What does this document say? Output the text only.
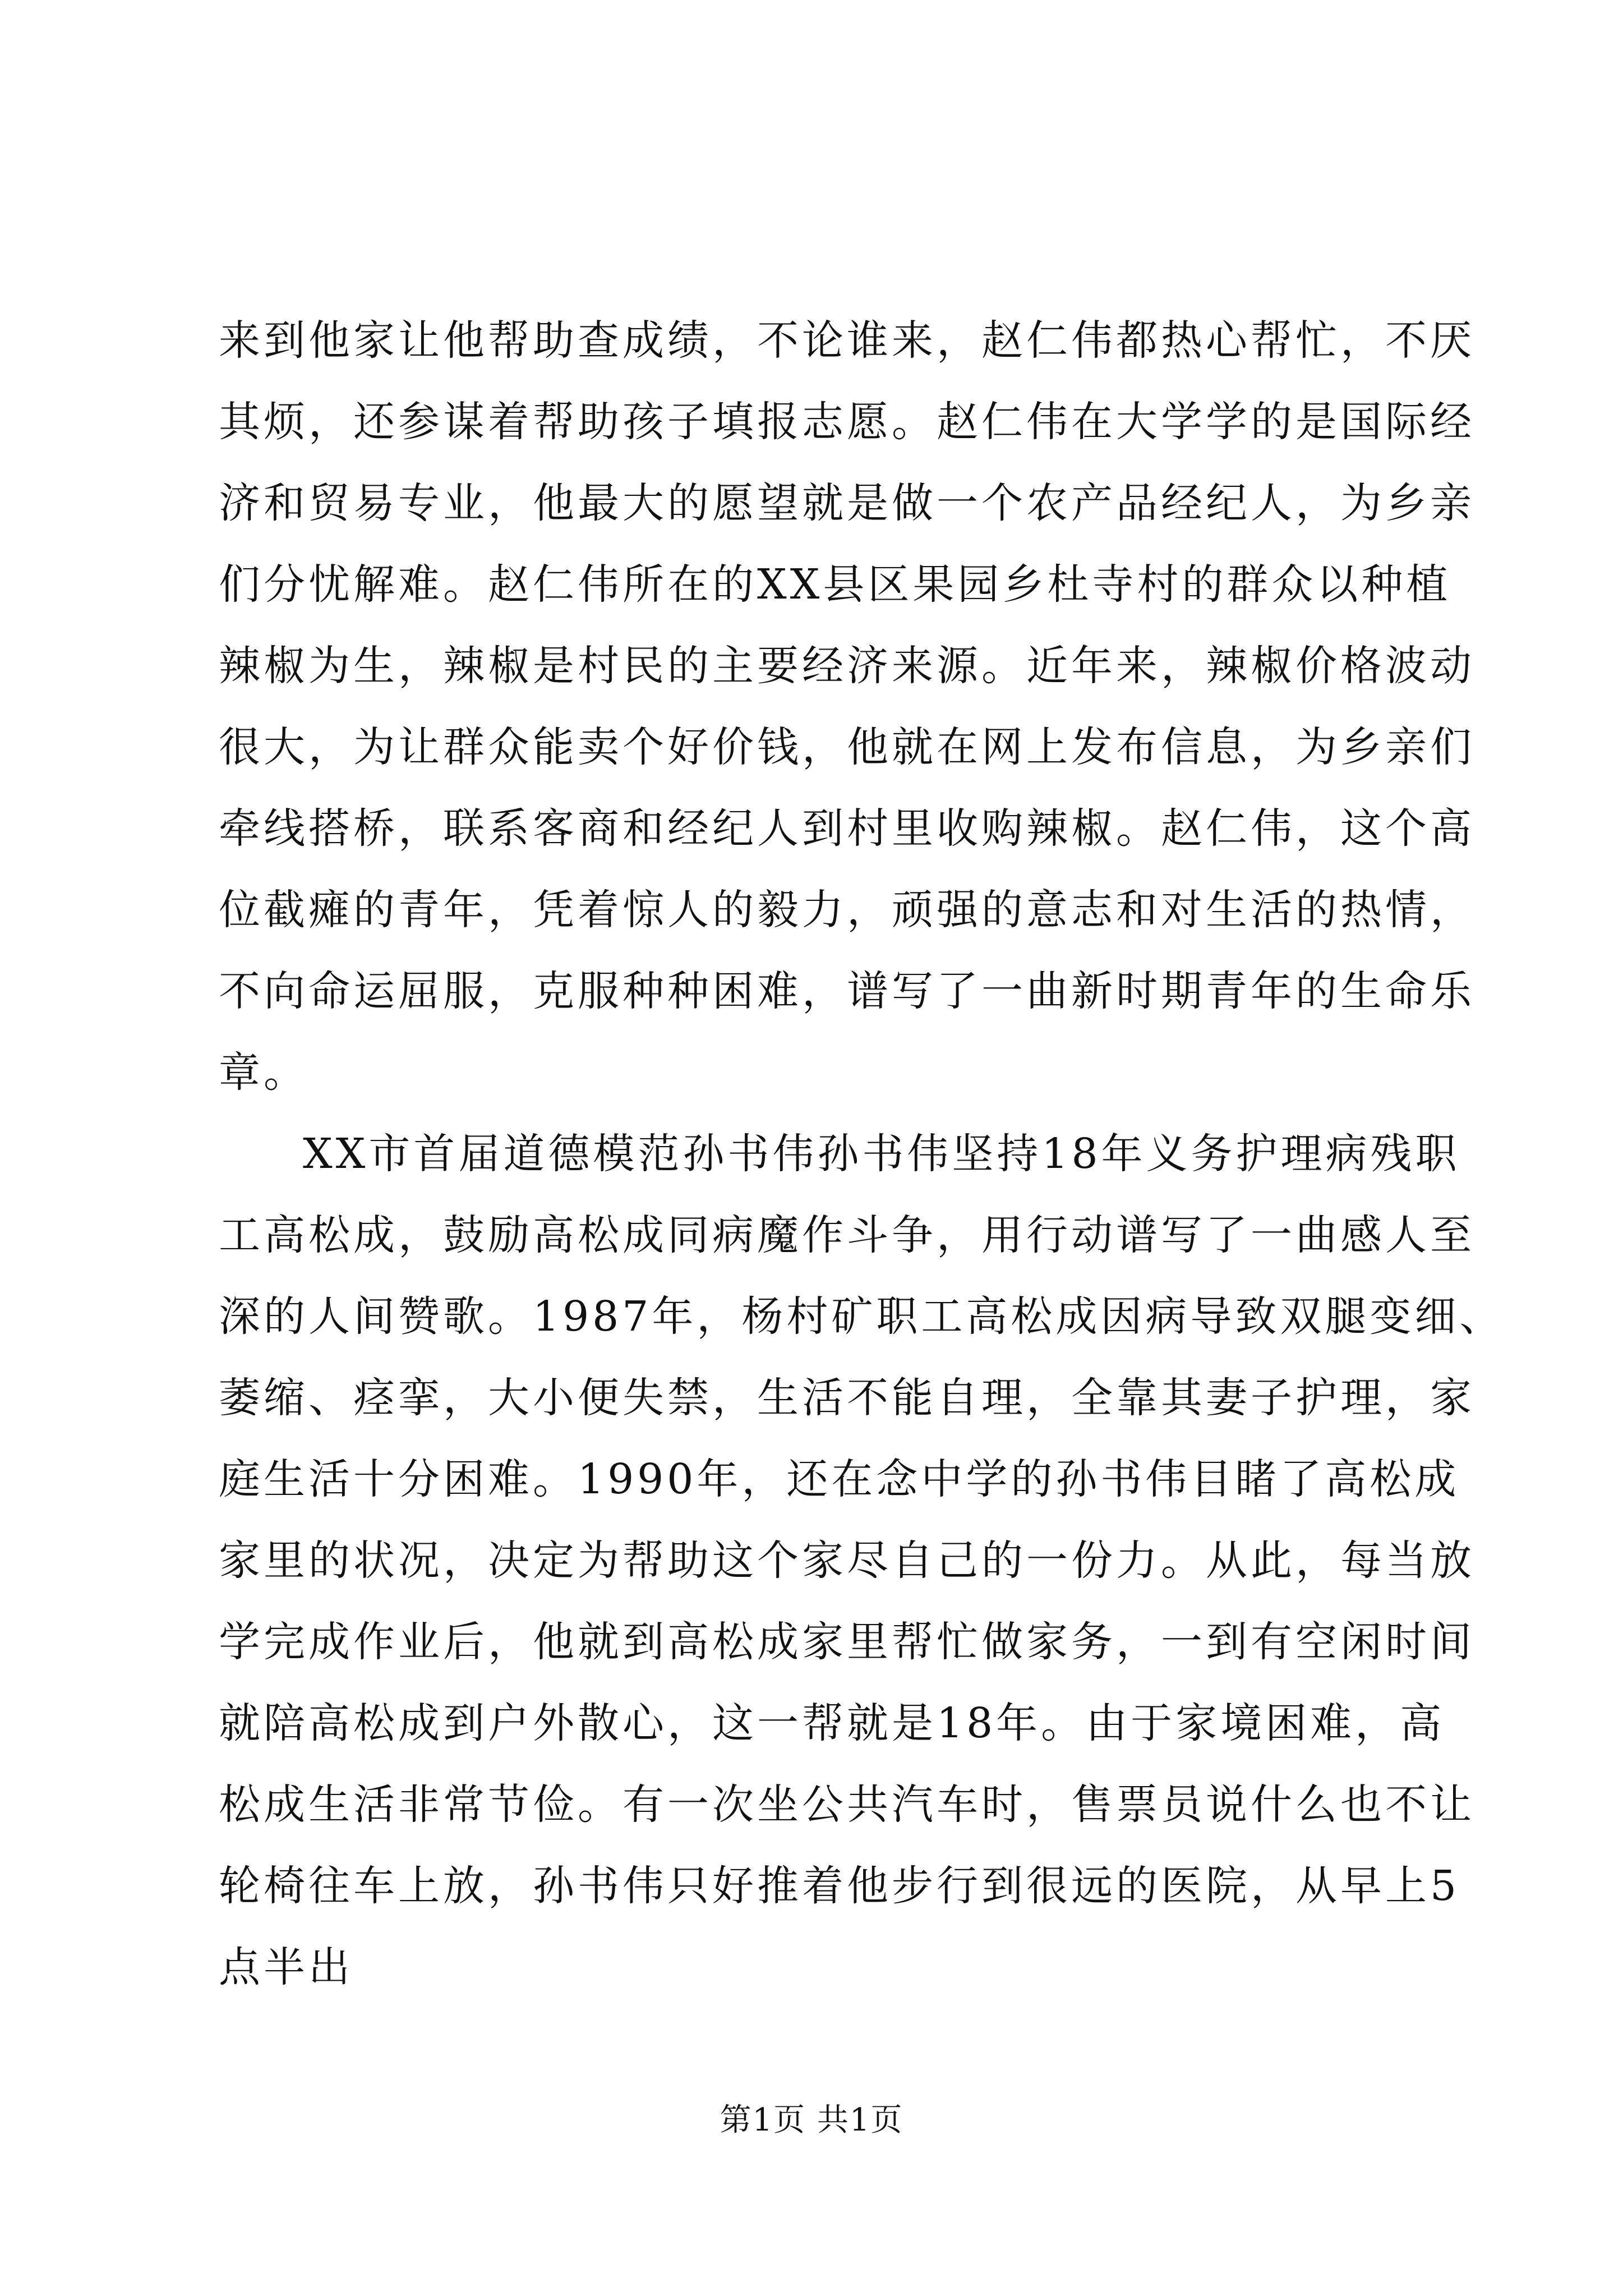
来到他家让他帮助查成绩，不论谁来，赵仁伟都热心帮忙，不厌
其烦，还参谋着帮助孩子填报志愿。赵仁伟在大学学的是国际经
济和贸易专业，他最大的愿望就是做一个农产品经纪人，为乡亲
们分忧解难。赵仁伟所在的XX县区果园乡杜寺村的群众以种植
辣椒为生，辣椒是村民的主要经济来源。近年来，辣椒价格波动
很大，为让群众能卖个好价钱，他就在网上发布信息，为乡亲们
牵线搭桥，联系客商和经纪人到村里收购辣椒。赵仁伟，这个高
位截瘫的青年，凭着惊人的毅力，顽强的意志和对生活的热情，
不向命运屈服，克服种种困难，谱写了一曲新时期青年的生命乐
章。
XX市首届道德模范孙书伟孙书伟坚持18年义务护理病残职
工高松成，鼓励高松成同病魔作斗争，用行动谱写了一曲感人至
深的人间赞歌。1987年，杨村矿职工高松成因病导致双腿变细、
萎缩、痉挛，大小便失禁，生活不能自理，全靠其妻子护理，家
庭生活十分困难。1990年，还在念中学的孙书伟目睹了高松成
家里的状况，决定为帮助这个家尽自己的一份力。从此，每当放
学完成作业后，他就到高松成家里帮忙做家务，一到有空闲时间
就陪高松成到户外散心，这一帮就是18年。由于家境困难，高
松成生活非常节俭。有一次坐公共汽车时，售票员说什么也不让
轮椅往车上放，孙书伟只好推着他步行到很远的医院，从早上5
点半出
第1页 共1页
